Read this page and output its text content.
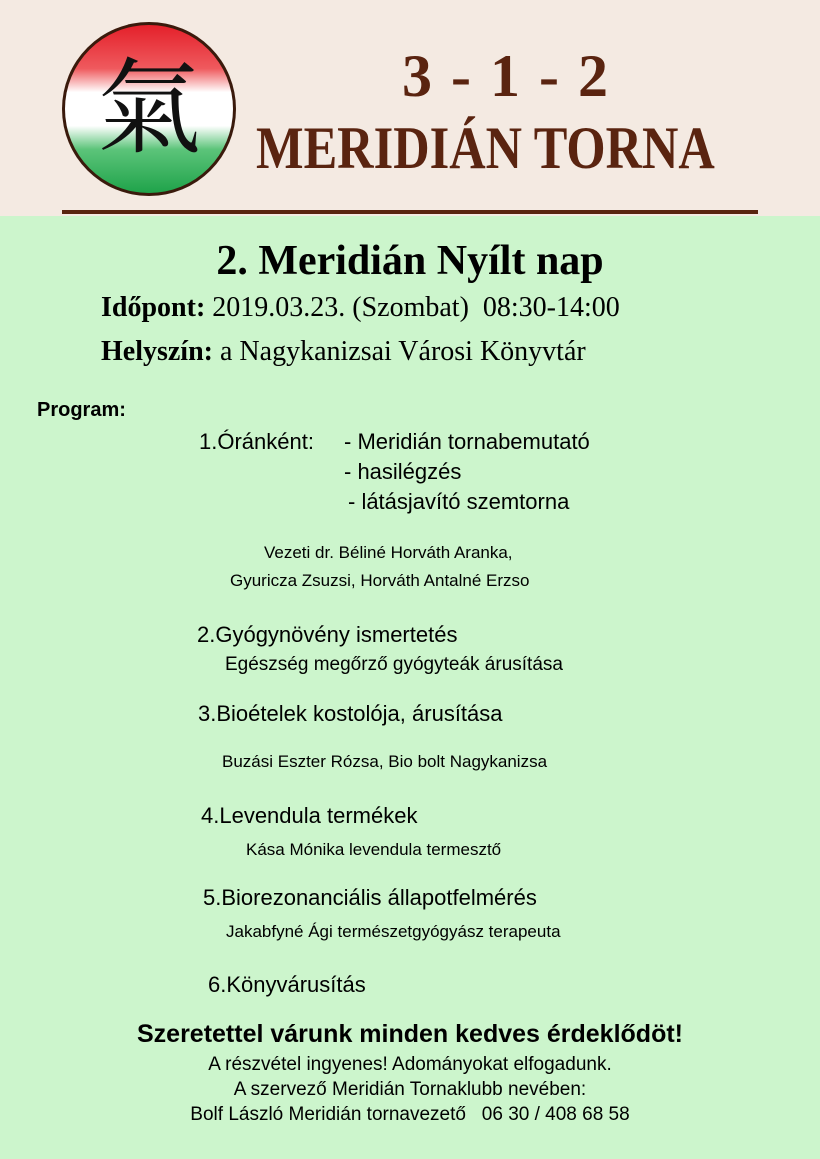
氣	3 - 1 - 2
MERIDIÁN TORNA
2. Meridián Nyílt nap
Időpont: 2019.03.23. (Szombat)  08:30-14:00
Helyszín: a Nagykanizsai Városi Könyvtár
Program:
1.Óránként: - Meridián tornabemutató
- hasilégzés
- látásjavító szemtorna
Vezeti dr. Béliné Horváth Aranka,
Gyuricza Zsuzsi, Horváth Antalné Erzso
2.Gyógynövény ismertetés
Egészség megőrző gyógyteák árusítása
3.Bioételek kostolója, árusítása
Buzási Eszter Rózsa, Bio bolt Nagykanizsa
4.Levendula termékek
Kása Mónika levendula termesztő
5.Biorezonanciális állapotfelmérés
Jakabfyné Ági természetgyógyász terapeuta
6.Könyvárusítás
Szeretettel várunk minden kedves érdeklődöt!
A részvétel ingyenes! Adományokat elfogadunk.
A szervező Meridián Tornaklubb nevében:
Bolf László Meridián tornavezető   06 30 / 408 68 58
